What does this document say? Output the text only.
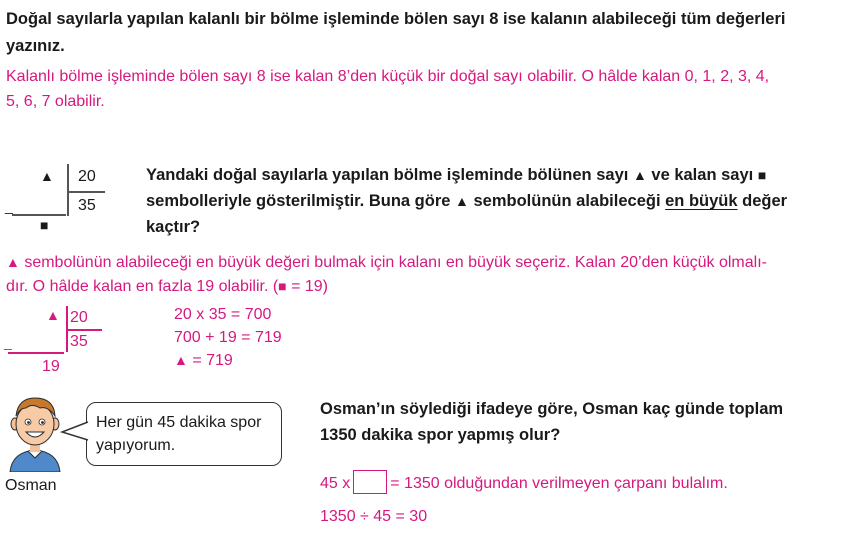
Doğal sayılarla yapılan kalanlı bir bölme işleminde bölen sayı 8 ise kalanın alabileceği tüm değerleri
yazınız.
Kalanlı bölme işleminde bölen sayı 8 ise kalan 8’den küçük bir doğal sayı olabilir. O hâlde kalan 0, 1, 2, 3, 4,
5, 6, 7 olabilir.
▲
_
■
20
35
Yandaki doğal sayılarla yapılan bölme işleminde bölünen sayı ▲ ve kalan sayı ■
sembolleriyle gösterilmiştir. Buna göre ▲ sembolünün alabileceği en büyük değer
kaçtır?
▲ sembolünün alabileceği en büyük değeri bulmak için kalanı en büyük seçeriz. Kalan 20’den küçük olmalı-
dır. O hâlde kalan en fazla 19 olabilir. (■ = 19)
▲
_
20
35
19
20 x 35 = 700
700 + 19 = 719
▲ = 719
Her gün 45 dakika spor yapıyorum.
Osman
Osman’ın söylediği ifadeye göre, Osman kaç günde toplam
1350 dakika spor yapmış olur?
45 x	= 1350 olduğundan verilmeyen çarpanı bulalım.
1350 ÷ 45 = 30
